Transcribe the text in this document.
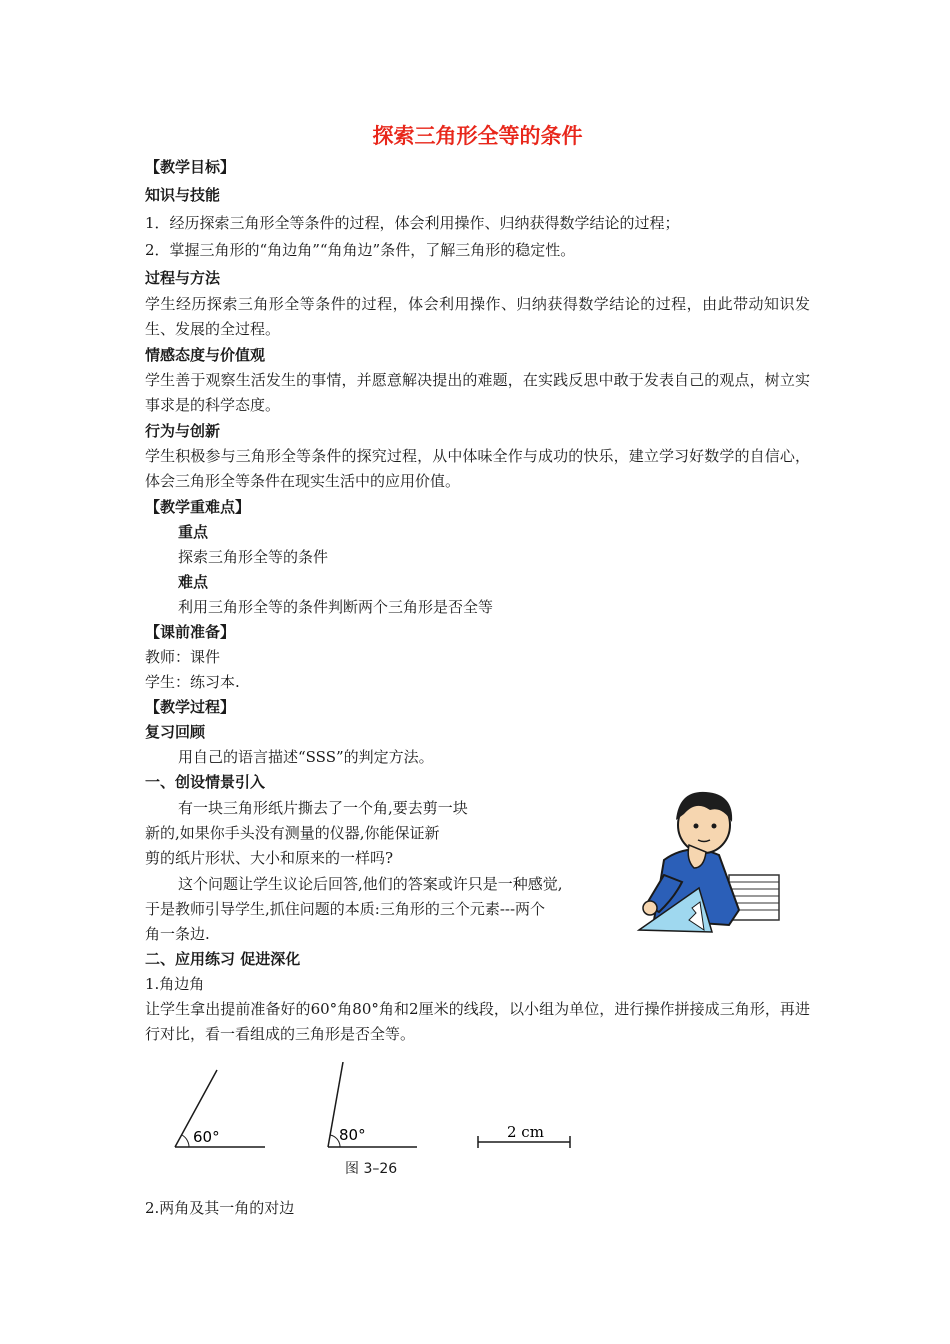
探索三角形全等的条件
【教学目标】
知识与技能
1．经历探索三角形全等条件的过程，体会利用操作、归纳获得数学结论的过程；
2．掌握三角形的“角边角”“角角边”条件，了解三角形的稳定性。
过程与方法
学生经历探索三角形全等条件的过程，体会利用操作、归纳获得数学结论的过程，由此带动知识发生、发展的全过程。
情感态度与价值观
学生善于观察生活发生的事情，并愿意解决提出的难题，在实践反思中敢于发表自己的观点，树立实事求是的科学态度。
行为与创新
学生积极参与三角形全等条件的探究过程，从中体味全作与成功的快乐，建立学习好数学的自信心，体会三角形全等条件在现实生活中的应用价值。
【教学重难点】
重点
探索三角形全等的条件
难点
利用三角形全等的条件判断两个三角形是否全等
【课前准备】
教师：课件
学生：练习本.
【教学过程】
复习回顾
用自己的语言描述“SSS”的判定方法。
一、创设情景引入
有一块三角形纸片撕去了一个角,要去剪一块
新的,如果你手头没有测量的仪器,你能保证新
剪的纸片形状、大小和原来的一样吗?
这个问题让学生议论后回答,他们的答案或许只是一种感觉,
于是教师引导学生,抓住问题的本质:三角形的三个元素---两个
角一条边.
二、应用练习 促进深化
1.角边角
让学生拿出提前准备好的60°角80°角和2厘米的线段，以小组为单位，进行操作拼接成三角形，再进行对比，看一看组成的三角形是否全等。
60°	80°	2 cm
图 3–26
2.两角及其一角的对边
